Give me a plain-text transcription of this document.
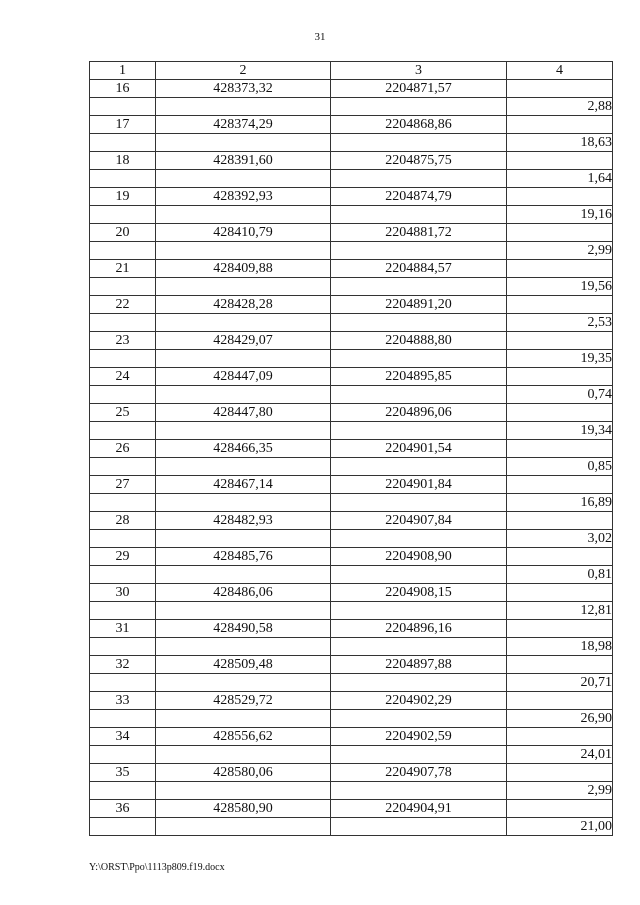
31
1	2	3	4
16	428373,32	2204871,57	
			2,88
17	428374,29	2204868,86	
			18,63
18	428391,60	2204875,75	
			1,64
19	428392,93	2204874,79	
			19,16
20	428410,79	2204881,72	
			2,99
21	428409,88	2204884,57	
			19,56
22	428428,28	2204891,20	
			2,53
23	428429,07	2204888,80	
			19,35
24	428447,09	2204895,85	
			0,74
25	428447,80	2204896,06	
			19,34
26	428466,35	2204901,54	
			0,85
27	428467,14	2204901,84	
			16,89
28	428482,93	2204907,84	
			3,02
29	428485,76	2204908,90	
			0,81
30	428486,06	2204908,15	
			12,81
31	428490,58	2204896,16	
			18,98
32	428509,48	2204897,88	
			20,71
33	428529,72	2204902,29	
			26,90
34	428556,62	2204902,59	
			24,01
35	428580,06	2204907,78	
			2,99
36	428580,90	2204904,91	
			21,00
Y:\ORST\Ppo\1113p809.f19.docx
